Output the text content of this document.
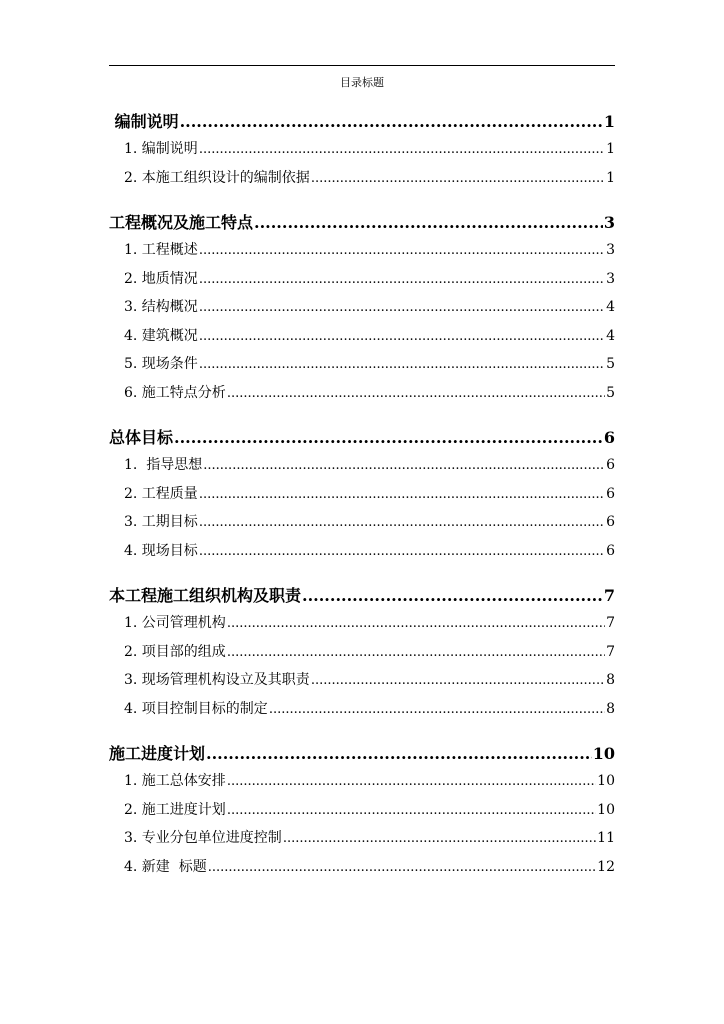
目录标题
编制说明 .....	1
1. 编制说明 .....	1
2. 本施工组织设计的编制依据 .....	1
工程概况及施工特点 .....	3
1. 工程概述 .....	3
2. 地质情况 .....	3
3. 结构概况 .....	4
4. 建筑概况 .....	4
5. 现场条件 .....	5
6. 施工特点分析 .....	5
总体目标 .....	6
1.  指导思想 .....	6
2. 工程质量 .....	6
3. 工期目标 .....	6
4. 现场目标 .....	6
本工程施工组织机构及职责 .....	7
1. 公司管理机构 .....	7
2. 项目部的组成 .....	7
3. 现场管理机构设立及其职责 .....	8
4. 项目控制目标的制定 .....	8
施工进度计划 .....	10
1. 施工总体安排 .....	10
2. 施工进度计划 .....	10
3. 专业分包单位进度控制 .....	11
4. 新建  标题 .....	12
